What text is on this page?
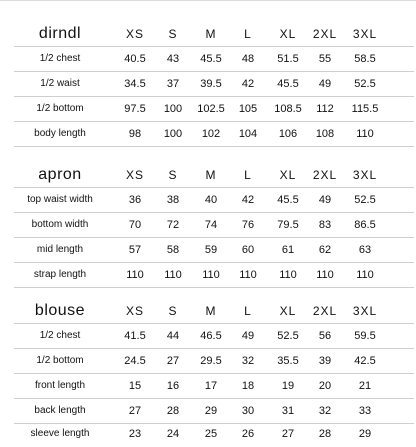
dirndl	XS	S	M	L	XL	2XL	3XL
1/2 chest	40.5	43	45.5	48	51.5	55	58.5
1/2 waist	34.5	37	39.5	42	45.5	49	52.5
1/2 bottom	97.5	100	102.5	105	108.5	112	115.5
body length	98	100	102	104	106	108	110
apron	XS	S	M	L	XL	2XL	3XL
top waist width	36	38	40	42	45.5	49	52.5
bottom width	70	72	74	76	79.5	83	86.5
mid length	57	58	59	60	61	62	63
strap length	110	110	110	110	110	110	110
blouse	XS	S	M	L	XL	2XL	3XL
1/2 chest	41.5	44	46.5	49	52.5	56	59.5
1/2 bottom	24.5	27	29.5	32	35.5	39	42.5
front length	15	16	17	18	19	20	21
back length	27	28	29	30	31	32	33
sleeve length	23	24	25	26	27	28	29
